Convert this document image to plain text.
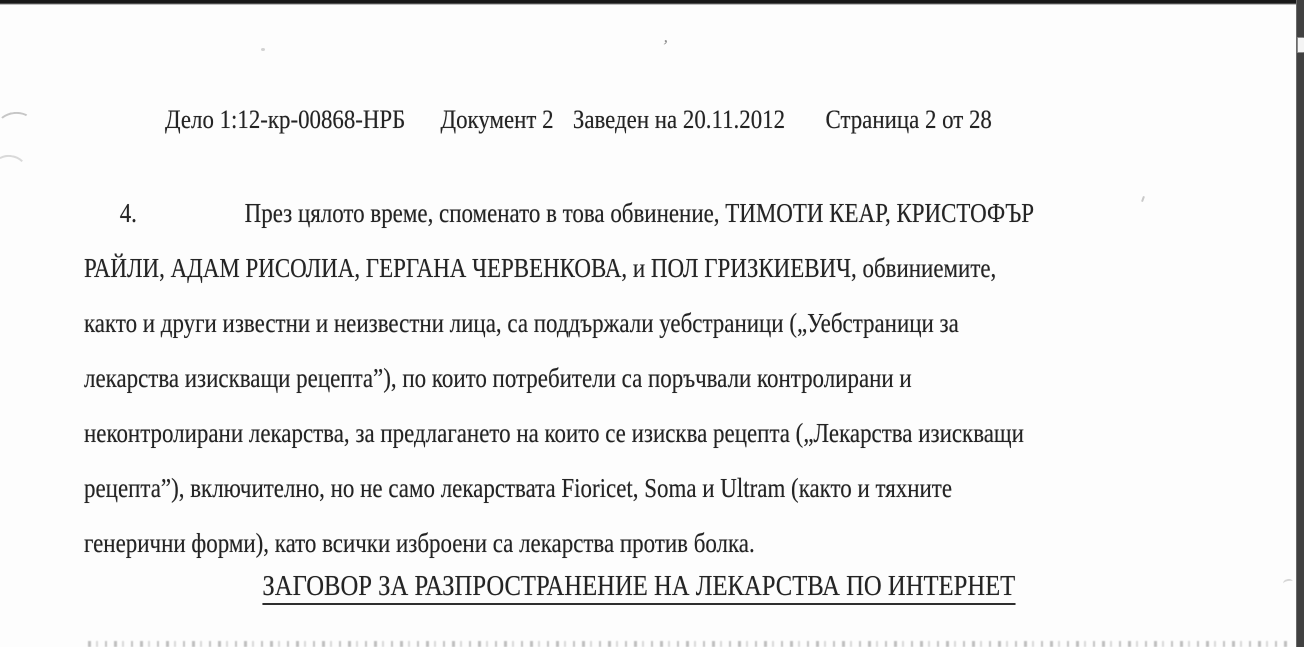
’
Дело 1:12-кр-00868-НРБ Документ 2 Заведен на 20.11.2012 Страница 2 от 28
4.	През цялото време, споменато в това обвинение, ТИМОТИ КЕАР, КРИСТОФЪР
РАЙЛИ, АДАМ РИСОЛИА, ГЕРГАНА ЧЕРВЕНКОВА, и ПОЛ ГРИЗКИЕВИЧ, обвиниемите,
както и други известни и неизвестни лица, са поддържали уебстраници („Уебстраници за
лекарства изискващи рецепта”), по които потребители са поръчвали контролирани и
неконтролирани лекарства, за предлагането на които се изисква рецепта („Лекарства изискващи
рецепта”), включително, но не само лекарствата Fioricet, Soma и Ultram (както и тяхните
генерични форми), като всички изброени са лекарства против болка.
ЗАГОВОР ЗА РАЗПРОСТРАНЕНИЕ НА ЛЕКАРСТВА ПО ИНТЕРНЕТ
